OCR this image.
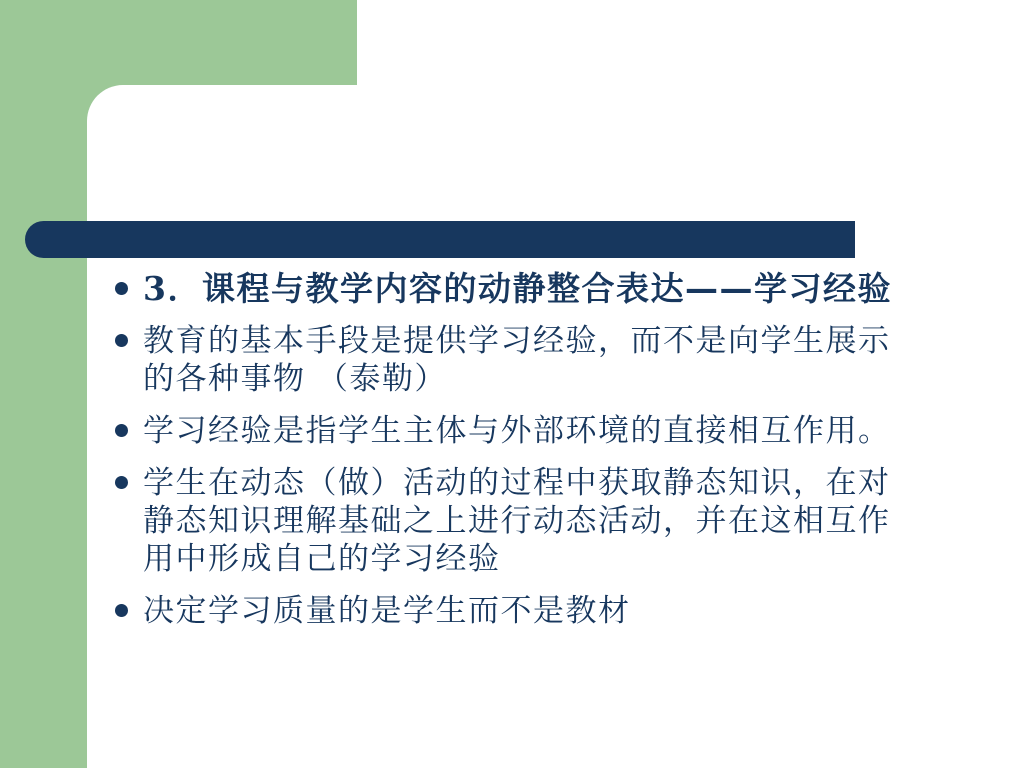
3．课程与教学内容的动静整合表达——学习经验
教育的基本手段是提供学习经验，而不是向学生展示的各种事物 （泰勒）
学习经验是指学生主体与外部环境的直接相互作用。
学生在动态（做）活动的过程中获取静态知识，在对静态知识理解基础之上进行动态活动，并在这相互作用中形成自己的学习经验
决定学习质量的是学生而不是教材
